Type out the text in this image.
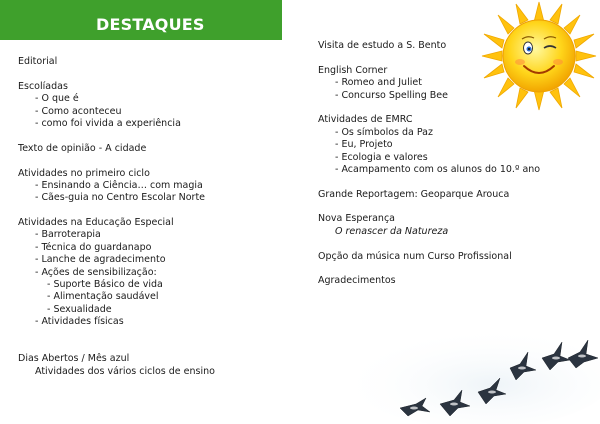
DESTAQUES
Editorial
Escolíadas
- O que é
- Como aconteceu
- como foi vivida a experiência
Texto de opinião - A cidade
Atividades no primeiro ciclo
- Ensinando a Ciência… com magia
- Cães-guia no Centro Escolar Norte
Atividades na Educação Especial
- Barroterapia
- Técnica do guardanapo
- Lanche de agradecimento
- Ações de sensibilização:
- Suporte Básico de vida
- Alimentação saudável
- Sexualidade
- Atividades físicas
Dias Abertos / Mês azul
Atividades dos vários ciclos de ensino
Visita de estudo a S. Bento
English Corner
- Romeo and Juliet
- Concurso Spelling Bee
Atividades de EMRC
- Os símbolos da Paz
- Eu, Projeto
- Ecologia e valores
- Acampamento com os alunos do 10.º ano
Grande Reportagem: Geoparque Arouca
Nova Esperança
O renascer da Natureza
Opção da música num Curso Profissional
Agradecimentos
